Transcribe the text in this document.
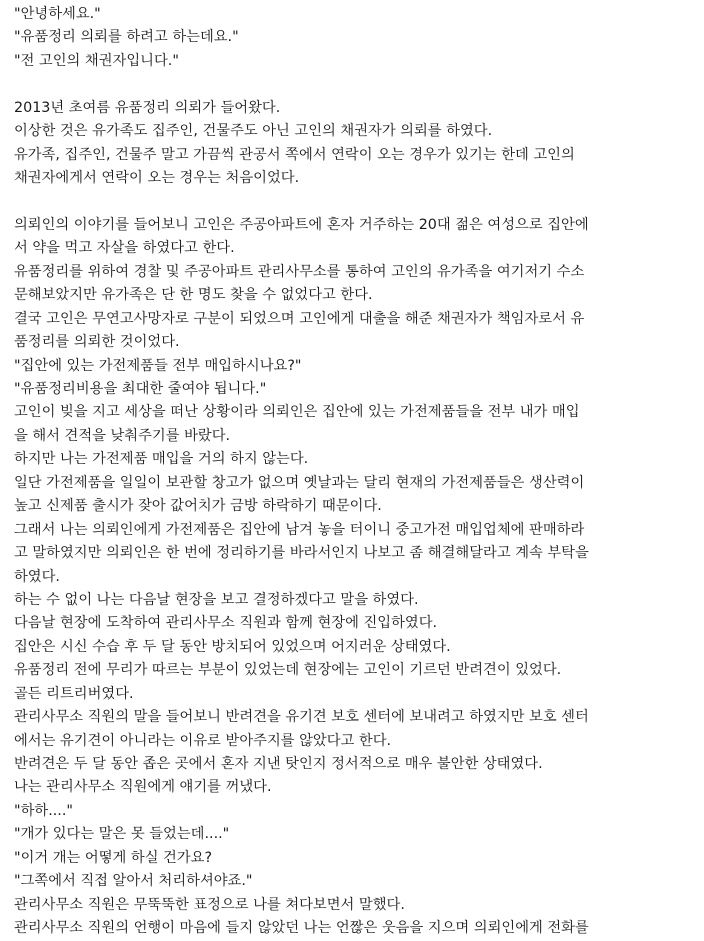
"안녕하세요."
"유품정리 의뢰를 하려고 하는데요."
"전 고인의 채권자입니다."
2013년 초여름 유품정리 의뢰가 들어왔다.
이상한 것은 유가족도 집주인, 건물주도 아닌 고인의 채권자가 의뢰를 하였다.
유가족, 집주인, 건물주 말고 가끔씩 관공서 쪽에서 연락이 오는 경우가 있기는 한데 고인의
채권자에게서 연락이 오는 경우는 처음이었다.
의뢰인의 이야기를 들어보니 고인은 주공아파트에 혼자 거주하는 20대 젊은 여성으로 집안에
서 약을 먹고 자살을 하였다고 한다.
유품정리를 위하여 경찰 및 주공아파트 관리사무소를 통하여 고인의 유가족을 여기저기 수소
문해보았지만 유가족은 단 한 명도 찾을 수 없었다고 한다.
결국 고인은 무연고사망자로 구분이 되었으며 고인에게 대출을 해준 채권자가 책임자로서 유
품정리를 의뢰한 것이었다.
"집안에 있는 가전제품들 전부 매입하시나요?"
"유품정리비용을 최대한 줄여야 됩니다."
고인이 빚을 지고 세상을 떠난 상황이라 의뢰인은 집안에 있는 가전제품들을 전부 내가 매입
을 해서 견적을 낮춰주기를 바랐다.
하지만 나는 가전제품 매입을 거의 하지 않는다.
일단 가전제품을 일일이 보관할 창고가 없으며 옛날과는 달리 현재의 가전제품들은 생산력이
높고 신제품 출시가 잦아 값어치가 금방 하락하기 때문이다.
그래서 나는 의뢰인에게 가전제품은 집안에 남겨 놓을 터이니 중고가전 매입업체에 판매하라
고 말하였지만 의뢰인은 한 번에 정리하기를 바라서인지 나보고 좀 해결해달라고 계속 부탁을
하였다.
하는 수 없이 나는 다음날 현장을 보고 결정하겠다고 말을 하였다.
다음날 현장에 도착하여 관리사무소 직원과 함께 현장에 진입하였다.
집안은 시신 수습 후 두 달 동안 방치되어 있었으며 어지러운 상태였다.
유품정리 전에 무리가 따르는 부분이 있었는데 현장에는 고인이 기르던 반려견이 있었다.
골든 리트리버였다.
관리사무소 직원의 말을 들어보니 반려견을 유기견 보호 센터에 보내려고 하였지만 보호 센터
에서는 유기견이 아니라는 이유로 받아주지를 않았다고 한다.
반려견은 두 달 동안 좁은 곳에서 혼자 지낸 탓인지 정서적으로 매우 불안한 상태였다.
나는 관리사무소 직원에게 얘기를 꺼냈다.
"하하...."
"개가 있다는 말은 못 들었는데...."
"이거 개는 어떻게 하실 건가요?
"그쪽에서 직접 알아서 처리하셔야죠."
관리사무소 직원은 무뚝뚝한 표정으로 나를 쳐다보면서 말했다.
관리사무소 직원의 언행이 마음에 들지 않았던 나는 언짢은 웃음을 지으며 의뢰인에게 전화를
